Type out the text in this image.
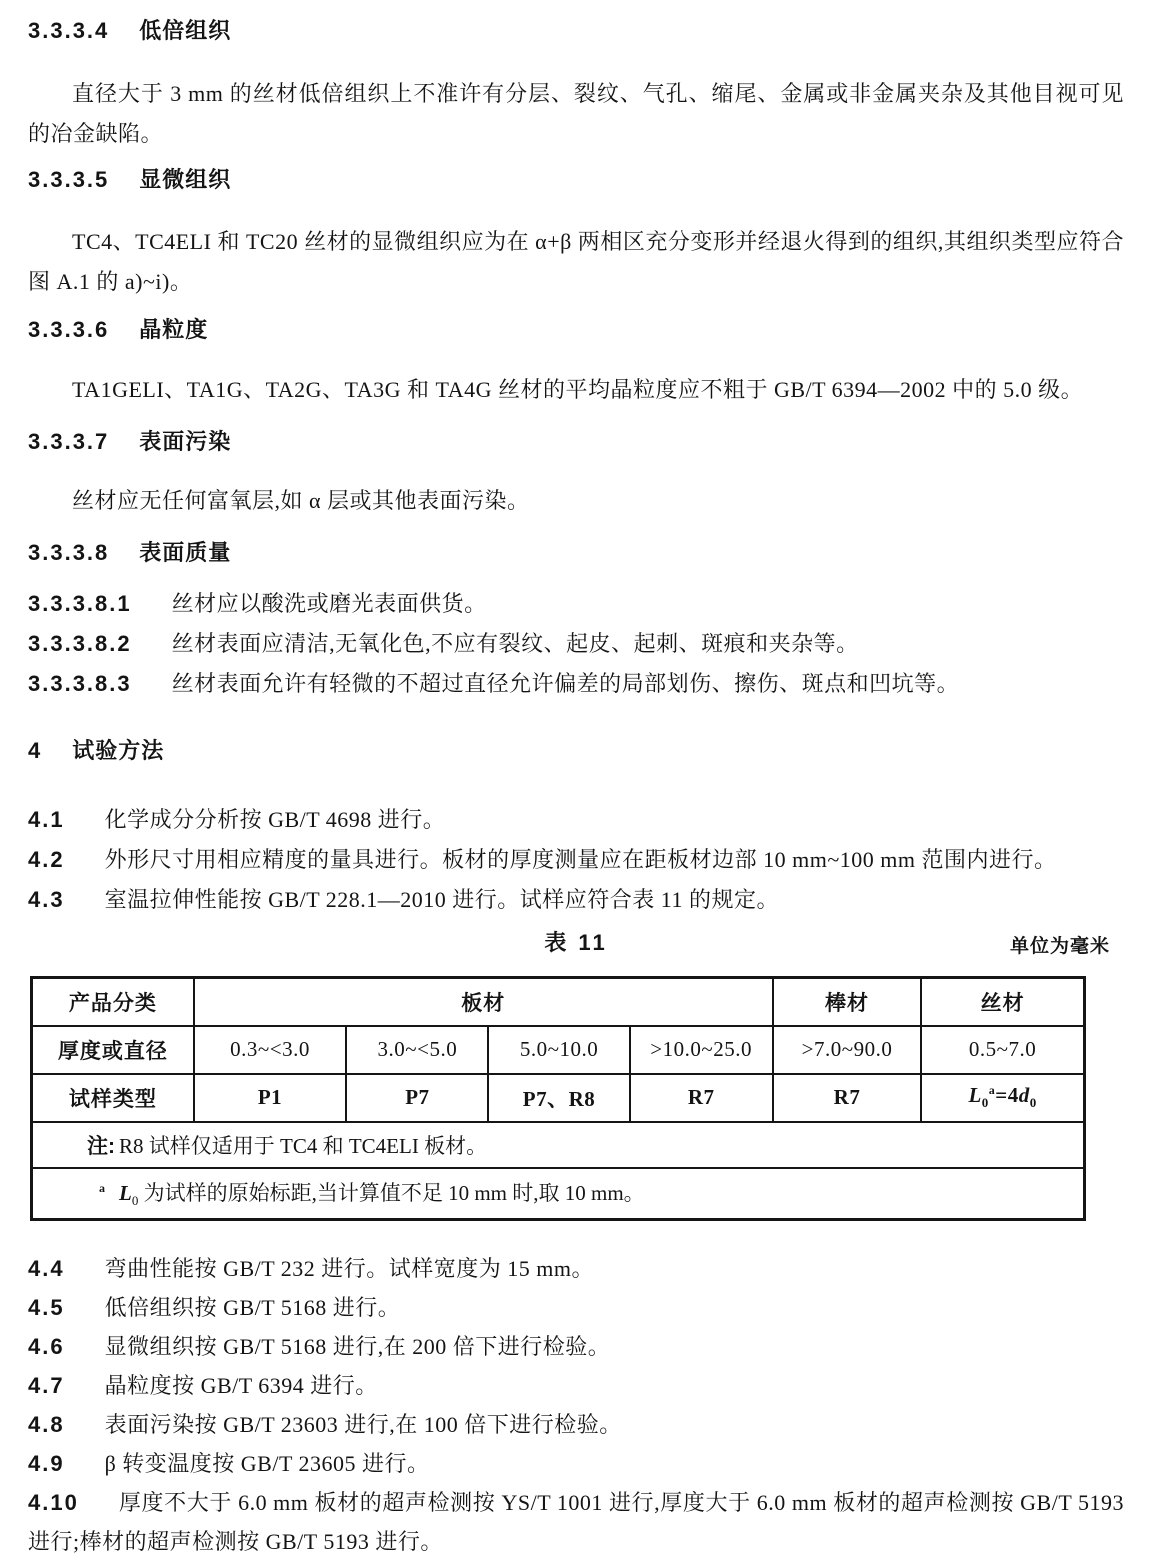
3.3.3.4 低倍组织
直径大于 3 mm 的丝材低倍组织上不准许有分层、裂纹、气孔、缩尾、金属或非金属夹杂及其他目视可见的冶金缺陷。
3.3.3.5 显微组织
TC4、TC4ELI 和 TC20 丝材的显微组织应为在 α+β 两相区充分变形并经退火得到的组织,其组织类型应符合图 A.1 的 a)~i)。
3.3.3.6 晶粒度
TA1GELI、TA1G、TA2G、TA3G 和 TA4G 丝材的平均晶粒度应不粗于 GB/T 6394—2002 中的 5.0 级。
3.3.3.7 表面污染
丝材应无任何富氧层,如 α 层或其他表面污染。
3.3.3.8 表面质量
3.3.3.8.1 丝材应以酸洗或磨光表面供货。
3.3.3.8.2 丝材表面应清洁,无氧化色,不应有裂纹、起皮、起刺、斑痕和夹杂等。
3.3.3.8.3 丝材表面允许有轻微的不超过直径允许偏差的局部划伤、擦伤、斑点和凹坑等。
4 试验方法
4.1 化学成分分析按 GB/T 4698 进行。
4.2 外形尺寸用相应精度的量具进行。板材的厚度测量应在距板材边部 10 mm~100 mm 范围内进行。
4.3 室温拉伸性能按 GB/T 228.1—2010 进行。试样应符合表 11 的规定。
表 11	单位为毫米
产品分类	板材				棒材	丝材
厚度或直径	0.3~<3.0	3.0~<5.0	5.0~10.0	>10.0~25.0	>7.0~90.0	0.5~7.0
试样类型	P1	P7	P7、R8	R7	R7	$L_0^a=4d_0$
注: R8 试样仅适用于 TC4 和 TC4ELI 板材。						
$^a$ $L_0$ 为试样的原始标距,当计算值不足 10 mm 时,取 10 mm。						
4.4 弯曲性能按 GB/T 232 进行。试样宽度为 15 mm。
4.5 低倍组织按 GB/T 5168 进行。
4.6 显微组织按 GB/T 5168 进行,在 200 倍下进行检验。
4.7 晶粒度按 GB/T 6394 进行。
4.8 表面污染按 GB/T 23603 进行,在 100 倍下进行检验。
4.9 β 转变温度按 GB/T 23605 进行。
4.10 厚度不大于 6.0 mm 板材的超声检测按 YS/T 1001 进行,厚度大于 6.0 mm 板材的超声检测按 GB/T 5193 进行;棒材的超声检测按 GB/T 5193 进行。
